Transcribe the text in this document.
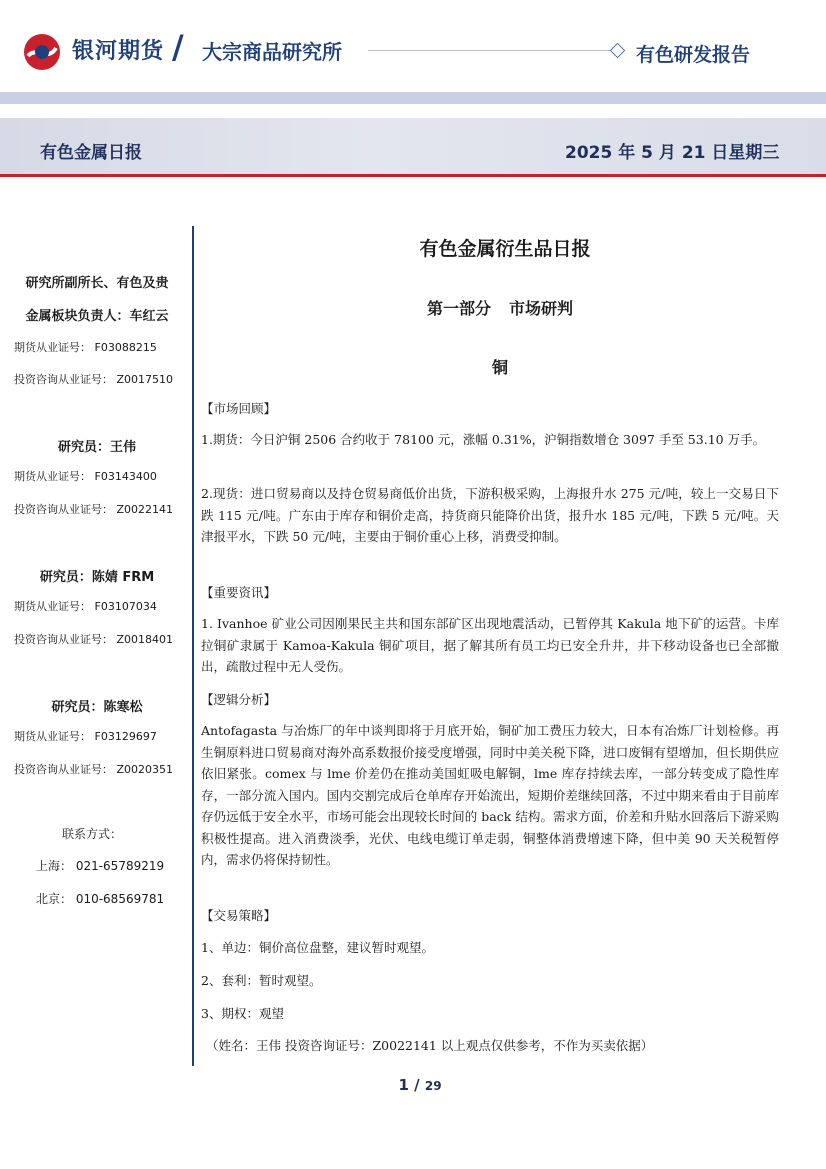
银河期货 / 大宗商品研究所	有色研发报告
有色金属日报	2025 年 5 月 21 日星期三
研究所副所长、有色及贵
金属板块负责人：车红云
期货从业证号： F03088215
投资咨询从业证号： Z0017510
研究员：王伟
期货从业证号： F03143400
投资咨询从业证号： Z0022141
研究员：陈婧 FRM
期货从业证号： F03107034
投资咨询从业证号： Z0018401
研究员：陈寒松
期货从业证号： F03129697
投资咨询从业证号： Z0020351
联系方式：
上海： 021-65789219
北京： 010-68569781
有色金属衍生品日报
第一部分 市场研判
铜
【市场回顾】
1.期货：今日沪铜 2506 合约收于 78100 元，涨幅 0.31%，沪铜指数增仓 3097 手至 53.10 万手。
2.现货：进口贸易商以及持仓贸易商低价出货，下游积极采购，上海报升水 275 元/吨，较上一交易日下跌 115 元/吨。广东由于库存和铜价走高，持货商只能降价出货，报升水 185 元/吨，下跌 5 元/吨。天津报平水，下跌 50 元/吨，主要由于铜价重心上移，消费受抑制。
【重要资讯】
1. Ivanhoe 矿业公司因刚果民主共和国东部矿区出现地震活动，已暂停其 Kakula 地下矿的运营。卡库拉铜矿隶属于 Kamoa-Kakula 铜矿项目，据了解其所有员工均已安全升井，井下移动设备也已全部撤出，疏散过程中无人受伤。
【逻辑分析】
Antofagasta 与冶炼厂的年中谈判即将于月底开始，铜矿加工费压力较大，日本有冶炼厂计划检修。再生铜原料进口贸易商对海外高系数报价接受度增强，同时中美关税下降，进口废铜有望增加，但长期供应依旧紧张。comex 与 lme 价差仍在推动美国虹吸电解铜，lme 库存持续去库，一部分转变成了隐性库存，一部分流入国内。国内交割完成后仓单库存开始流出，短期价差继续回落，不过中期来看由于目前库存仍远低于安全水平，市场可能会出现较长时间的 back 结构。需求方面，价差和升贴水回落后下游采购积极性提高。进入消费淡季，光伏、电线电缆订单走弱，铜整体消费增速下降，但中美 90 天关税暂停内，需求仍将保持韧性。
【交易策略】
1、单边：铜价高位盘整，建议暂时观望。
2、套利：暂时观望。
3、期权：观望
（姓名：王伟 投资咨询证号：Z0022141 以上观点仅供参考，不作为买卖依据）
1 / 29
